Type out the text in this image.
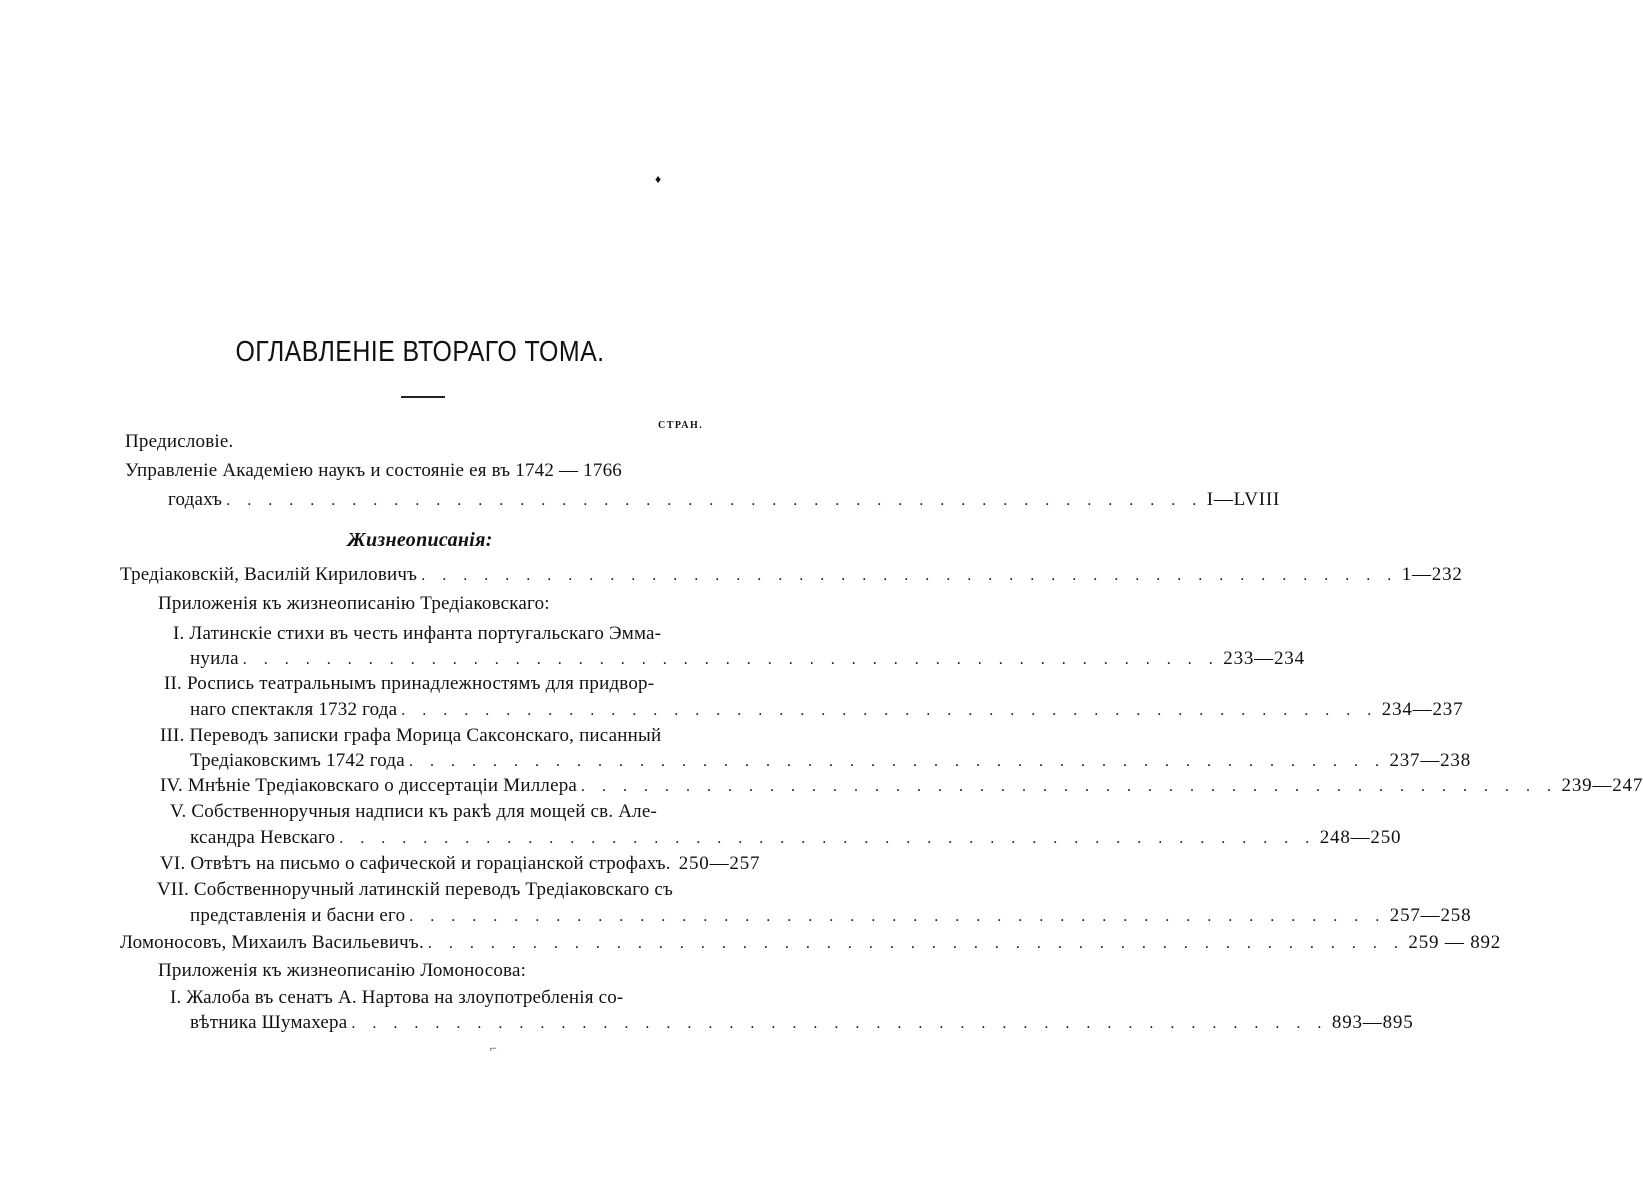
♦
ОГЛАВЛЕНІЕ ВТОРАГО ТОМА.
СТРАН.
Предисловіе.
Управленіе Академіею наукъ и состояніе ея въ 1742 — 1766
годахъ . . . . . . . . . . . . . . . . . . . . . . . . . . . . . . . . . . . . . . . . . . . . . . . I—LVIII
Жизнеописанія:
Тредіаковскій, Василій Кириловичъ . . . . . . . . . . . . . . . . . . . . . . . . . . . . . . . . . . . . . . . . . . . . . . . 1—232
Приложенія къ жизнеописанію Тредіаковскаго:
I. Латинскіе стихи въ честь инфанта португальскаго Эмма-
нуила . . . . . . . . . . . . . . . . . . . . . . . . . . . . . . . . . . . . . . . . . . . . . . . 233—234
II. Роспись театральнымъ принадлежностямъ для придвор-
наго спектакля 1732 года . . . . . . . . . . . . . . . . . . . . . . . . . . . . . . . . . . . . . . . . . . . . . . . 234—237
III. Переводъ записки графа Морица Саксонскаго, писанный
Тредіаковскимъ 1742 года . . . . . . . . . . . . . . . . . . . . . . . . . . . . . . . . . . . . . . . . . . . . . . . 237—238
IV. Мнѣніе Тредіаковскаго о диссертаціи Миллера . . . . . . . . . . . . . . . . . . . . . . . . . . . . . . . . . . . . . . . . . . . . . . . 239—247
V. Собственноручныя надписи къ ракѣ для мощей св. Але-
ксандра Невскаго . . . . . . . . . . . . . . . . . . . . . . . . . . . . . . . . . . . . . . . . . . . . . . . 248—250
VI. Отвѣтъ на письмо о сафической и гораціанской строфахъ. 250—257
VII. Собственноручный латинскій переводъ Тредіаковскаго съ
представленія и басни его . . . . . . . . . . . . . . . . . . . . . . . . . . . . . . . . . . . . . . . . . . . . . . . 257—258
Ломоносовъ, Михаилъ Васильевичъ. . . . . . . . . . . . . . . . . . . . . . . . . . . . . . . . . . . . . . . . . . . . . . . . 259 — 892
Приложенія къ жизнеописанію Ломоносова:
I. Жалоба въ сенатъ А. Нартова на злоупотребленія со-
вѣтника Шумахера . . . . . . . . . . . . . . . . . . . . . . . . . . . . . . . . . . . . . . . . . . . . . . . 893—895
⌐
